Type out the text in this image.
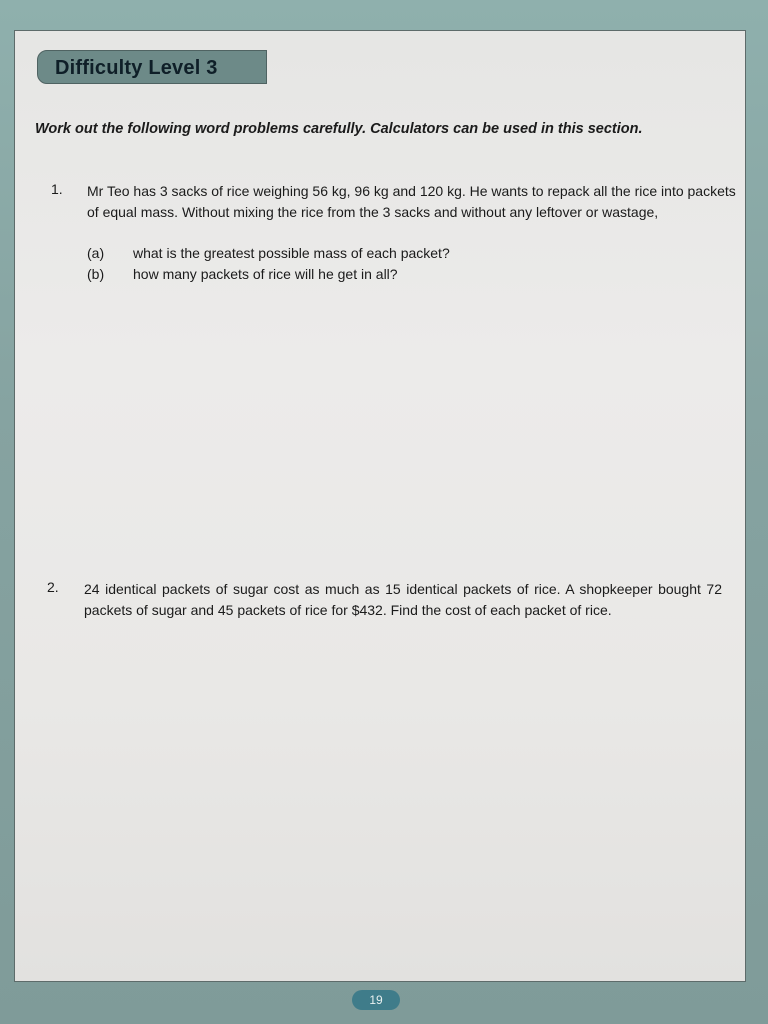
Difficulty Level 3
Work out the following word problems carefully. Calculators can be used in this section.
1. Mr Teo has 3 sacks of rice weighing 56 kg, 96 kg and 120 kg. He wants to repack all the rice into packets of equal mass. Without mixing the rice from the 3 sacks and without any leftover or wastage,
(a) what is the greatest possible mass of each packet?
(b) how many packets of rice will he get in all?
2. 24 identical packets of sugar cost as much as 15 identical packets of rice. A shopkeeper bought 72 packets of sugar and 45 packets of rice for $432. Find the cost of each packet of rice.
19
